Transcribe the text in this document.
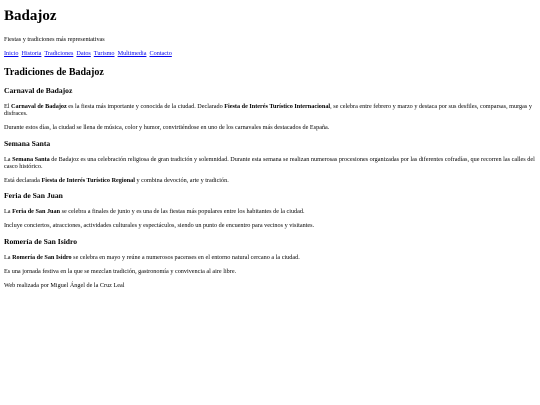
Badajoz

Fiestas y tradiciones más representativas

Inicio Historia Tradiciones Datos Turismo Multimedia Contacto
Tradiciones de Badajoz
Carnaval de Badajoz

El Carnaval de Badajoz es la fiesta más importante y conocida de la ciudad. Declarado Fiesta de Interés Turístico Internacional, se celebra entre febrero y marzo y destaca por sus desfiles, comparsas, murgas y disfraces.

Durante estos días, la ciudad se llena de música, color y humor, convirtiéndose en uno de los carnavales más destacados de España.

Semana Santa

La Semana Santa de Badajoz es una celebración religiosa de gran tradición y solemnidad. Durante esta semana se realizan numerosas procesiones organizadas por las diferentes cofradías, que recorren las calles del casco histórico.

Está declarada Fiesta de Interés Turístico Regional y combina devoción, arte y tradición.

Feria de San Juan

La Feria de San Juan se celebra a finales de junio y es una de las fiestas más populares entre los habitantes de la ciudad.

Incluye conciertos, atracciones, actividades culturales y espectáculos, siendo un punto de encuentro para vecinos y visitantes.

Romería de San Isidro

La Romería de San Isidro se celebra en mayo y reúne a numerosos pacenses en el entorno natural cercano a la ciudad.

Es una jornada festiva en la que se mezclan tradición, gastronomía y convivencia al aire libre.

Web realizada por Miguel Ángel de la Cruz Leal
